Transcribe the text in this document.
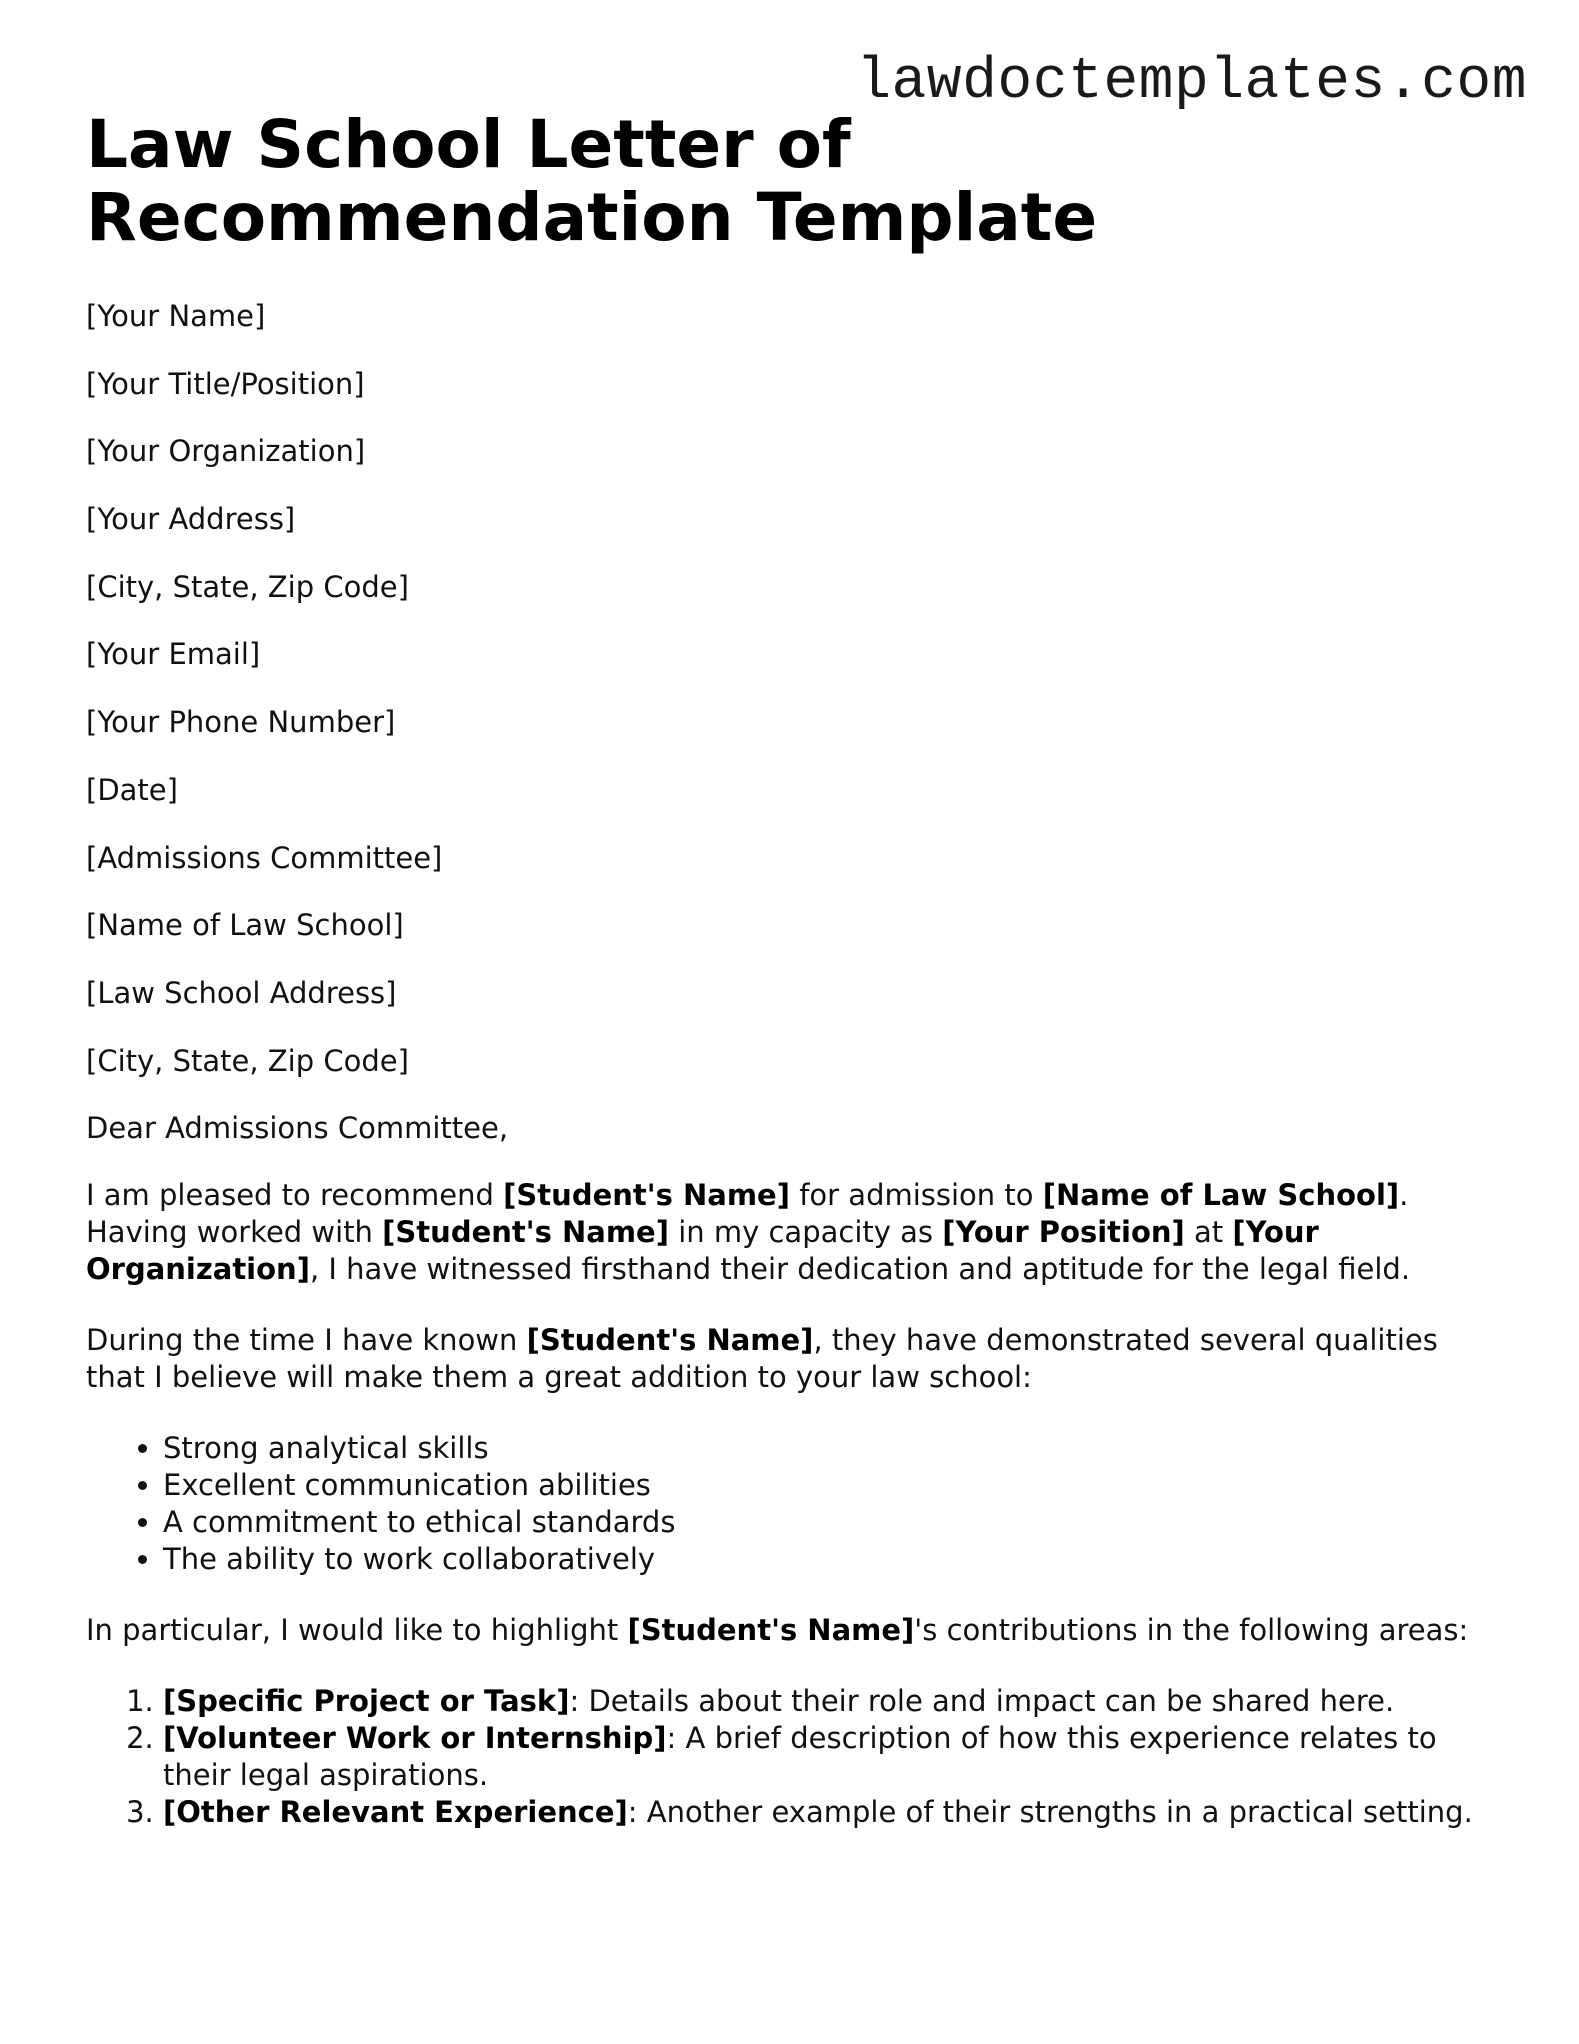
lawdoctemplates.com

Law School Letter of Recommendation Template
[Your Name]
[Your Title/Position]
[Your Organization]
[Your Address]
[City, State, Zip Code]
[Your Email]
[Your Phone Number]
[Date]
[Admissions Committee]
[Name of Law School]
[Law School Address]
[City, State, Zip Code]

Dear Admissions Committee,

I am pleased to recommend [Student's Name] for admission to [Name of Law School]. Having worked with [Student's Name] in my capacity as [Your Position] at [Your Organization], I have witnessed firsthand their dedication and aptitude for the legal field.

During the time I have known [Student's Name], they have demonstrated several qualities that I believe will make them a great addition to your law school:

• Strong analytical skills
• Excellent communication abilities
• A commitment to ethical standards
• The ability to work collaboratively

In particular, I would like to highlight [Student's Name]'s contributions in the following areas:

1. [Specific Project or Task]: Details about their role and impact can be shared here.
2. [Volunteer Work or Internship]: A brief description of how this experience relates to their legal aspirations.
3. [Other Relevant Experience]: Another example of their strengths in a practical setting.
